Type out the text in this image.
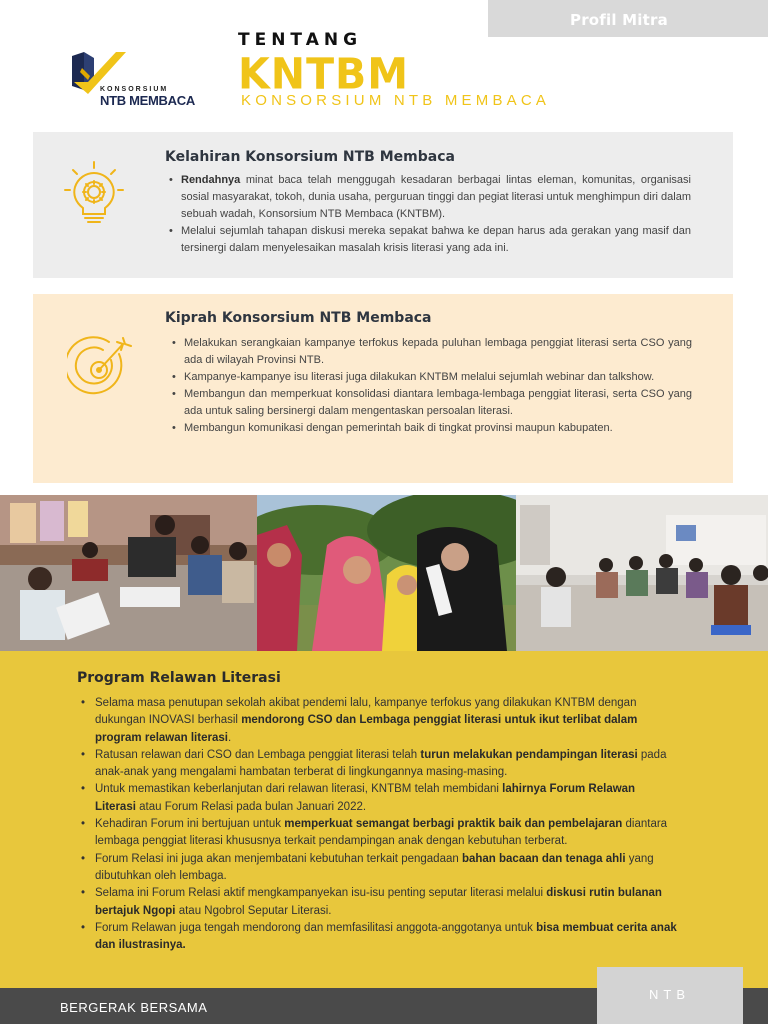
Profil Mitra
KONSORSIUM
NTB MEMBACA
TENTANG
KNTBM
KONSORSIUM NTB MEMBACA
Kelahiran Konsorsium NTB Membaca
• Rendahnya minat baca telah menggugah kesadaran berbagai lintas eleman, komunitas, organisasi sosial masyarakat, tokoh, dunia usaha, perguruan tinggi dan pegiat literasi untuk menghimpun diri dalam sebuah wadah, Konsorsium NTB Membaca (KNTBM).
• Melalui sejumlah tahapan diskusi mereka sepakat bahwa ke depan harus ada gerakan yang masif dan tersinergi dalam menyelesaikan masalah krisis literasi yang ada ini.
Kiprah Konsorsium NTB Membaca
• Melakukan serangkaian kampanye terfokus kepada puluhan lembaga penggiat literasi serta CSO yang ada di wilayah Provinsi NTB.
• Kampanye-kampanye isu literasi juga dilakukan KNTBM melalui sejumlah webinar dan talkshow.
• Membangun dan memperkuat konsolidasi diantara lembaga-lembaga penggiat literasi, serta CSO yang ada untuk saling bersinergi dalam mengentaskan persoalan literasi.
• Membangun komunikasi dengan pemerintah baik di tingkat provinsi maupun kabupaten.
Program Relawan Literasi
• Selama masa penutupan sekolah akibat pendemi lalu, kampanye terfokus yang dilakukan KNTBM dengan dukungan INOVASI berhasil mendorong CSO dan Lembaga penggiat literasi untuk ikut terlibat dalam program relawan literasi.
• Ratusan relawan dari CSO dan Lembaga penggiat literasi telah turun melakukan pendampingan literasi pada anak-anak yang mengalami hambatan terberat di lingkungannya masing-masing.
• Untuk memastikan keberlanjutan dari relawan literasi, KNTBM telah membidani lahirnya Forum Relawan Literasi atau Forum Relasi pada bulan Januari 2022.
• Kehadiran Forum ini bertujuan untuk memperkuat semangat berbagi praktik baik dan pembelajaran diantara lembaga penggiat literasi khususnya terkait pendampingan anak dengan kebutuhan terberat.
• Forum Relasi ini juga akan menjembatani kebutuhan terkait pengadaan bahan bacaan dan tenaga ahli yang dibutuhkan oleh lembaga.
• Selama ini Forum Relasi aktif mengkampanyekan isu-isu penting seputar literasi melalui diskusi rutin bulanan bertajuk Ngopi atau Ngobrol Seputar Literasi.
• Forum Relawan juga tengah mendorong dan memfasilitasi anggota-anggotanya untuk bisa membuat cerita anak dan ilustrasinya.
BERGERAK BERSAMA
NTB
